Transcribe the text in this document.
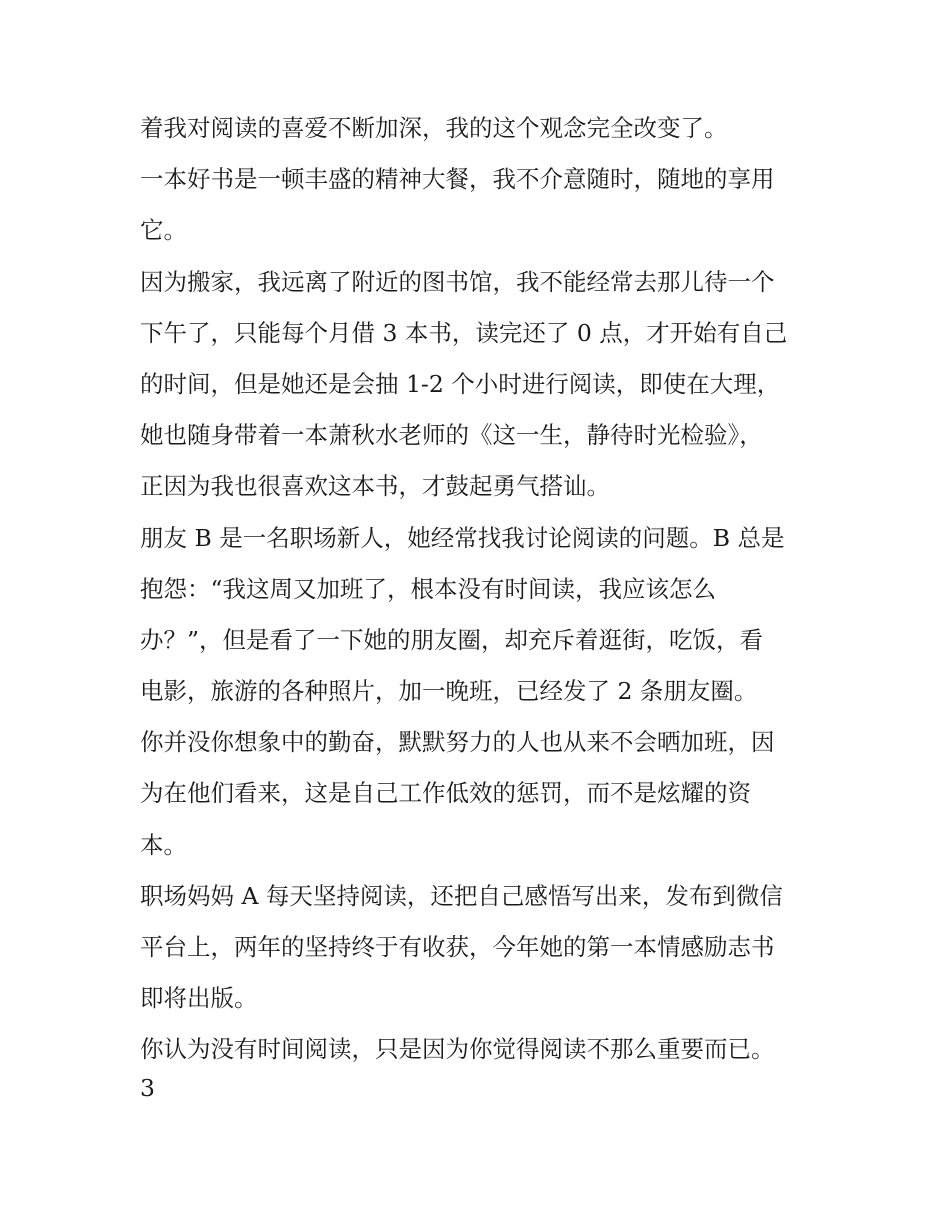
着我对阅读的喜爱不断加深，我的这个观念完全改变了。

一本好书是一顿丰盛的精神大餐，我不介意随时，随地的享用

它。

因为搬家，我远离了附近的图书馆，我不能经常去那儿待一个

下午了，只能每个月借 3 本书，读完还了 0 点，才开始有自己

的时间，但是她还是会抽 1-2 个小时进行阅读，即使在大理，

她也随身带着一本萧秋水老师的《这一生，静待时光检验》，

正因为我也很喜欢这本书，才鼓起勇气搭讪。

朋友 B 是一名职场新人，她经常找我讨论阅读的问题。B 总是

抱怨：“我这周又加班了，根本没有时间读，我应该怎么

办？”，但是看了一下她的朋友圈，却充斥着逛街，吃饭，看

电影，旅游的各种照片，加一晚班，已经发了 2 条朋友圈。

你并没你想象中的勤奋，默默努力的人也从来不会晒加班，因

为在他们看来，这是自己工作低效的惩罚，而不是炫耀的资

本。

职场妈妈 A 每天坚持阅读，还把自己感悟写出来，发布到微信

平台上，两年的坚持终于有收获，今年她的第一本情感励志书

即将出版。

你认为没有时间阅读，只是因为你觉得阅读不那么重要而已。

3
